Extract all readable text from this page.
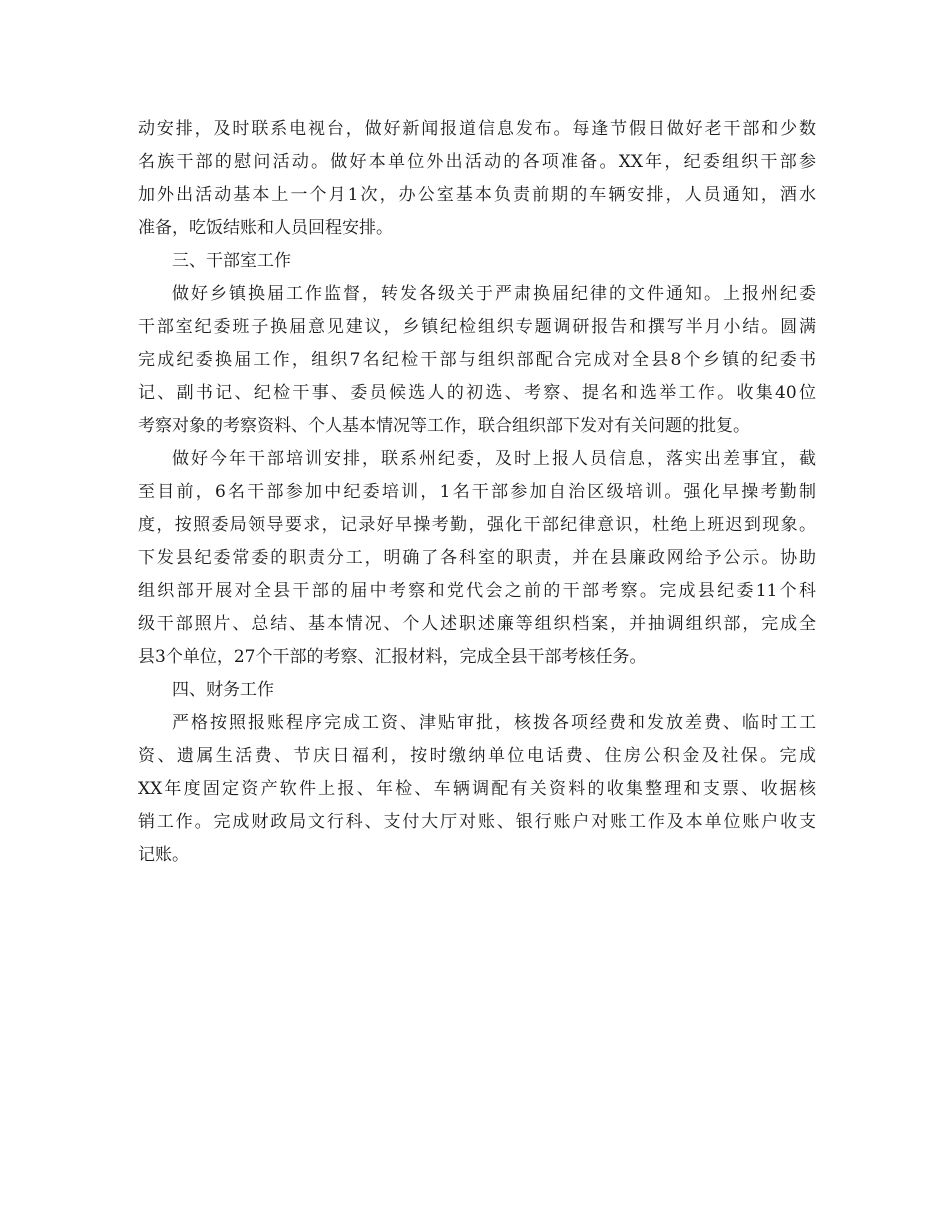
动安排，及时联系电视台，做好新闻报道信息发布。每逢节假日做好老干部和少数
名族干部的慰问活动。做好本单位外出活动的各项准备。XX年，纪委组织干部参
加外出活动基本上一个月1次，办公室基本负责前期的车辆安排，人员通知，酒水
准备，吃饭结账和人员回程安排。
三、干部室工作
做好乡镇换届工作监督，转发各级关于严肃换届纪律的文件通知。上报州纪委
干部室纪委班子换届意见建议，乡镇纪检组织专题调研报告和撰写半月小结。圆满
完成纪委换届工作，组织7名纪检干部与组织部配合完成对全县8个乡镇的纪委书
记、副书记、纪检干事、委员候选人的初选、考察、提名和选举工作。收集40位
考察对象的考察资料、个人基本情况等工作，联合组织部下发对有关问题的批复。
做好今年干部培训安排，联系州纪委，及时上报人员信息，落实出差事宜，截
至目前，6名干部参加中纪委培训，1名干部参加自治区级培训。强化早操考勤制
度，按照委局领导要求，记录好早操考勤，强化干部纪律意识，杜绝上班迟到现象。
下发县纪委常委的职责分工，明确了各科室的职责，并在县廉政网给予公示。协助
组织部开展对全县干部的届中考察和党代会之前的干部考察。完成县纪委11个科
级干部照片、总结、基本情况、个人述职述廉等组织档案，并抽调组织部，完成全
县3个单位，27个干部的考察、汇报材料，完成全县干部考核任务。
四、财务工作
严格按照报账程序完成工资、津贴审批，核拨各项经费和发放差费、临时工工
资、遗属生活费、节庆日福利，按时缴纳单位电话费、住房公积金及社保。完成
XX年度固定资产软件上报、年检、车辆调配有关资料的收集整理和支票、收据核
销工作。完成财政局文行科、支付大厅对账、银行账户对账工作及本单位账户收支
记账。
